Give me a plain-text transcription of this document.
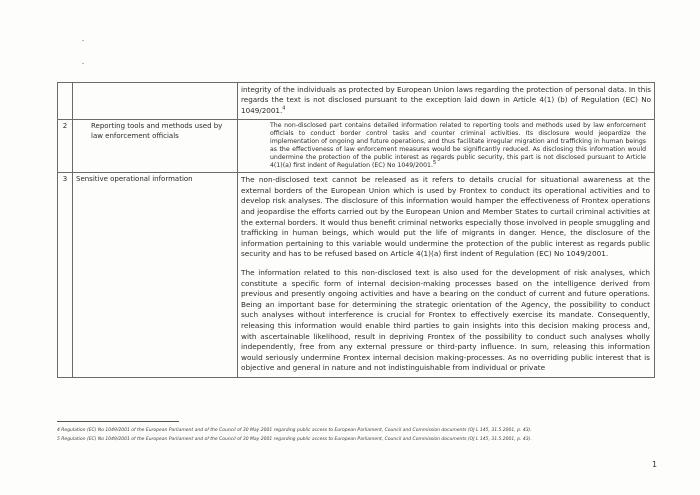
		integrity of the individuals as protected by European Union laws regarding the protection of personal data. In this regards the text is not disclosed pursuant to the exception laid down in Article 4(1) (b) of Regulation (EC) No 1049/2001.$^4$

2	Reporting tools and methods used by law enforcement officials	The non-disclosed part contains detailed information related to reporting tools and methods used by law enforcement officials to conduct border control tasks and counter criminal activities. Its disclosure would jeopardize the implementation of ongoing and future operations, and thus facilitate irregular migration and trafficking in human beings as the effectiveness of law enforcement measures would be significantly reduced. As disclosing this information would undermine the protection of the public interest as regards public security, this part is not disclosed pursuant to Article 4(1)(a) first indent of Regulation (EC) No 1049/2001.$^5$

3	Sensitive operational information	The non-disclosed text cannot be released as it refers to details crucial for situational awareness at the external borders of the European Union which is used by Frontex to conduct its operational activities and to develop risk analyses. The disclosure of this information would hamper the effectiveness of Frontex operations and jeopardise the efforts carried out by the European Union and Member States to curtail criminal activities at the external borders. It would thus benefit criminal networks especially those involved in people smuggling and trafficking in human beings, which would put the life of migrants in danger. Hence, the disclosure of the information pertaining to this variable would undermine the protection of the public interest as regards public security and has to be refused based on Article 4(1)(a) first indent of Regulation (EC) No 1049/2001.

The information related to this non-disclosed text is also used for the development of risk analyses, which constitute a specific form of internal decision-making processes based on the intelligence derived from previous and presently ongoing activities and have a bearing on the conduct of current and future operations. Being an important base for determining the strategic orientation of the Agency, the possibility to conduct such analyses without interference is crucial for Frontex to effectively exercise its mandate. Consequently, releasing this information would enable third parties to gain insights into this decision making process and, with ascertainable likelihood, result in depriving Frontex of the possibility to conduct such analyses wholly independently, free from any external pressure or third-party influence. In sum, releasing this information would seriously undermine Frontex internal decision making-processes. As no overriding public interest that is objective and general in nature and not indistinguishable from individual or private

4 Regulation (EC) No 1049/2001 of the European Parliament and of the Council of 30 May 2001 regarding public access to European Parliament, Council and Commission documents (OJ L 145, 31.5.2001, p. 43).
5 Regulation (EC) No 1049/2001 of the European Parliament and of the Council of 30 May 2001 regarding public access to European Parliament, Council and Commission documents (OJ L 145, 31.5.2001, p. 43).
1
